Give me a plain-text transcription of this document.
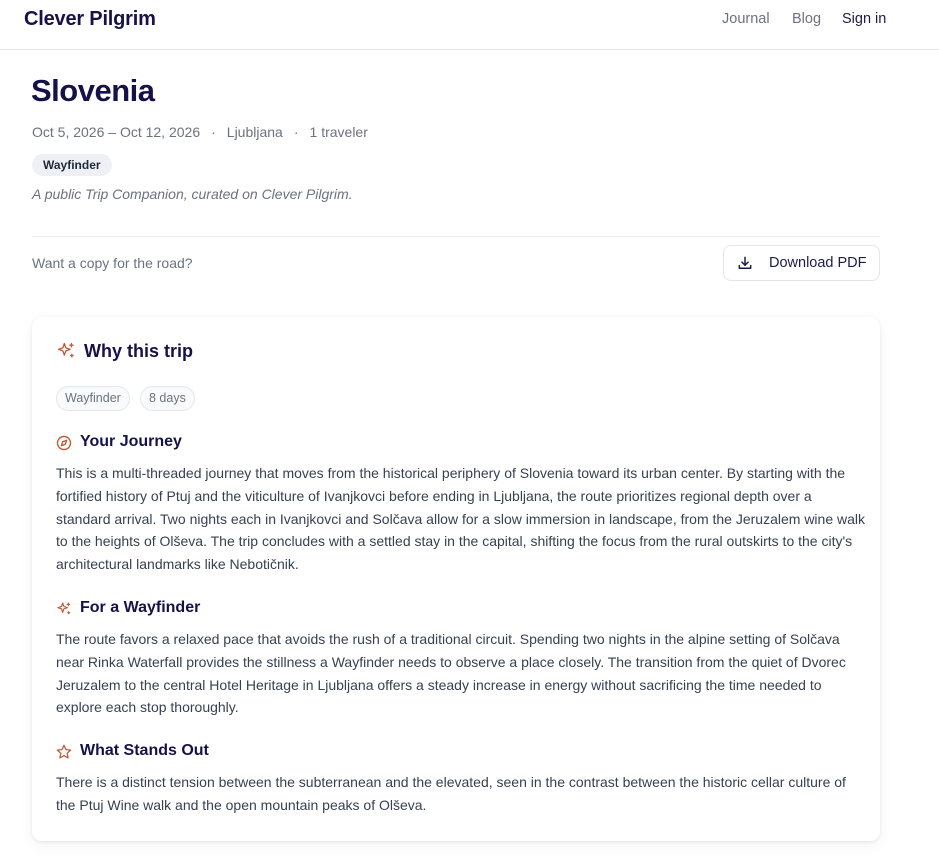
Clever Pilgrim	Journal Blog Sign in
Slovenia
Oct 5, 2026 – Oct 12, 2026 · Ljubljana · 1 traveler
Wayfinder
A public Trip Companion, curated on Clever Pilgrim.
Want a copy for the road?	Download PDF
Why this trip
Wayfinder	8 days
Your Journey

This is a multi-threaded journey that moves from the historical periphery of Slovenia toward its urban center. By starting with the fortified history of Ptuj and the viticulture of Ivanjkovci before ending in Ljubljana, the route prioritizes regional depth over a standard arrival. Two nights each in Ivanjkovci and Solčava allow for a slow immersion in landscape, from the Jeruzalem wine walk to the heights of Olševa. The trip concludes with a settled stay in the capital, shifting the focus from the rural outskirts to the city's architectural landmarks like Nebotičnik.

For a Wayfinder

The route favors a relaxed pace that avoids the rush of a traditional circuit. Spending two nights in the alpine setting of Solčava near Rinka Waterfall provides the stillness a Wayfinder needs to observe a place closely. The transition from the quiet of Dvorec Jeruzalem to the central Hotel Heritage in Ljubljana offers a steady increase in energy without sacrificing the time needed to explore each stop thoroughly.

What Stands Out

There is a distinct tension between the subterranean and the elevated, seen in the contrast between the historic cellar culture of the Ptuj Wine walk and the open mountain peaks of Olševa.
